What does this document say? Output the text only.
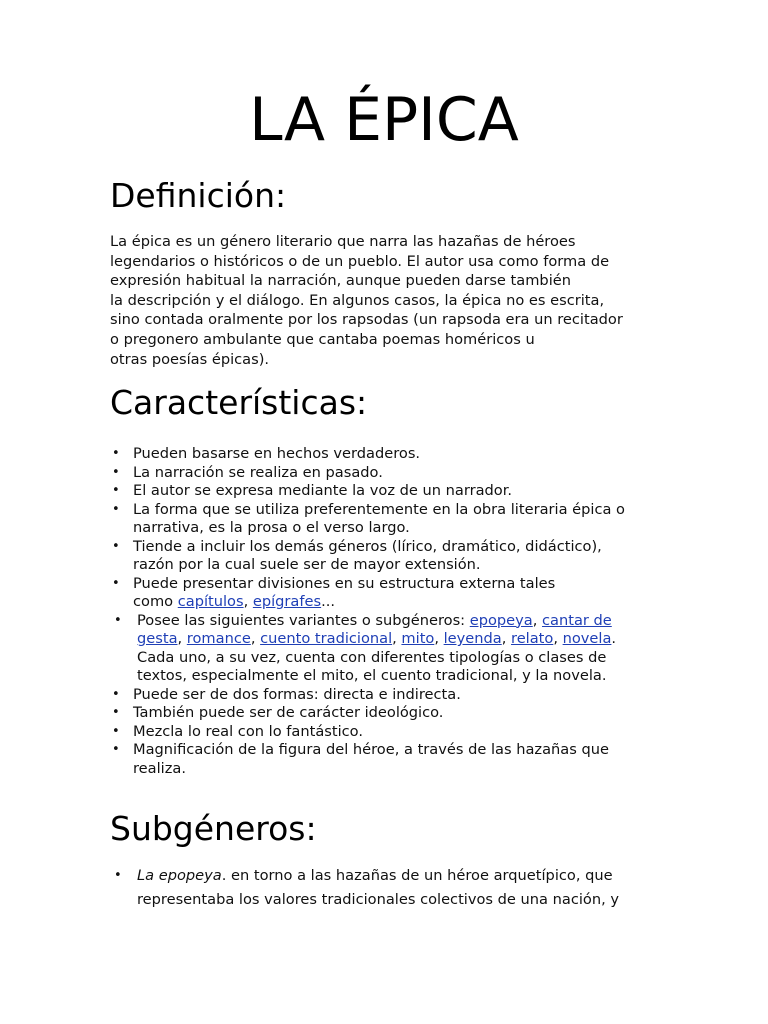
LA ÉPICA
Definición:

La épica es un género literario que narra las hazañas de héroes
legendarios o históricos o de un pueblo. El autor usa como forma de
expresión habitual la narración, aunque pueden darse también
la descripción y el diálogo. En algunos casos, la épica no es escrita,
sino contada oralmente por los rapsodas (un rapsoda era un recitador
o pregonero ambulante que cantaba poemas homéricos u
otras poesías épicas).

Características:
• Pueden basarse en hechos verdaderos.
• La narración se realiza en pasado.
• El autor se expresa mediante la voz de un narrador.
• La forma que se utiliza preferentemente en la obra literaria épica o
narrativa, es la prosa o el verso largo.
• Tiende a incluir los demás géneros (lírico, dramático, didáctico),
razón por la cual suele ser de mayor extensión.
• Puede presentar divisiones en su estructura externa tales
como capítulos, epígrafes...
• Posee las siguientes variantes o subgéneros: epopeya, cantar de
gesta, romance, cuento tradicional, mito, leyenda, relato, novela.
Cada uno, a su vez, cuenta con diferentes tipologías o clases de
textos, especialmente el mito, el cuento tradicional, y la novela.
• Puede ser de dos formas: directa e indirecta.
• También puede ser de carácter ideológico.
• Mezcla lo real con lo fantástico.
• Magnificación de la figura del héroe, a través de las hazañas que
realiza.
Subgéneros:
• La epopeya. en torno a las hazañas de un héroe arquetípico, que
representaba los valores tradicionales colectivos de una nación, y
